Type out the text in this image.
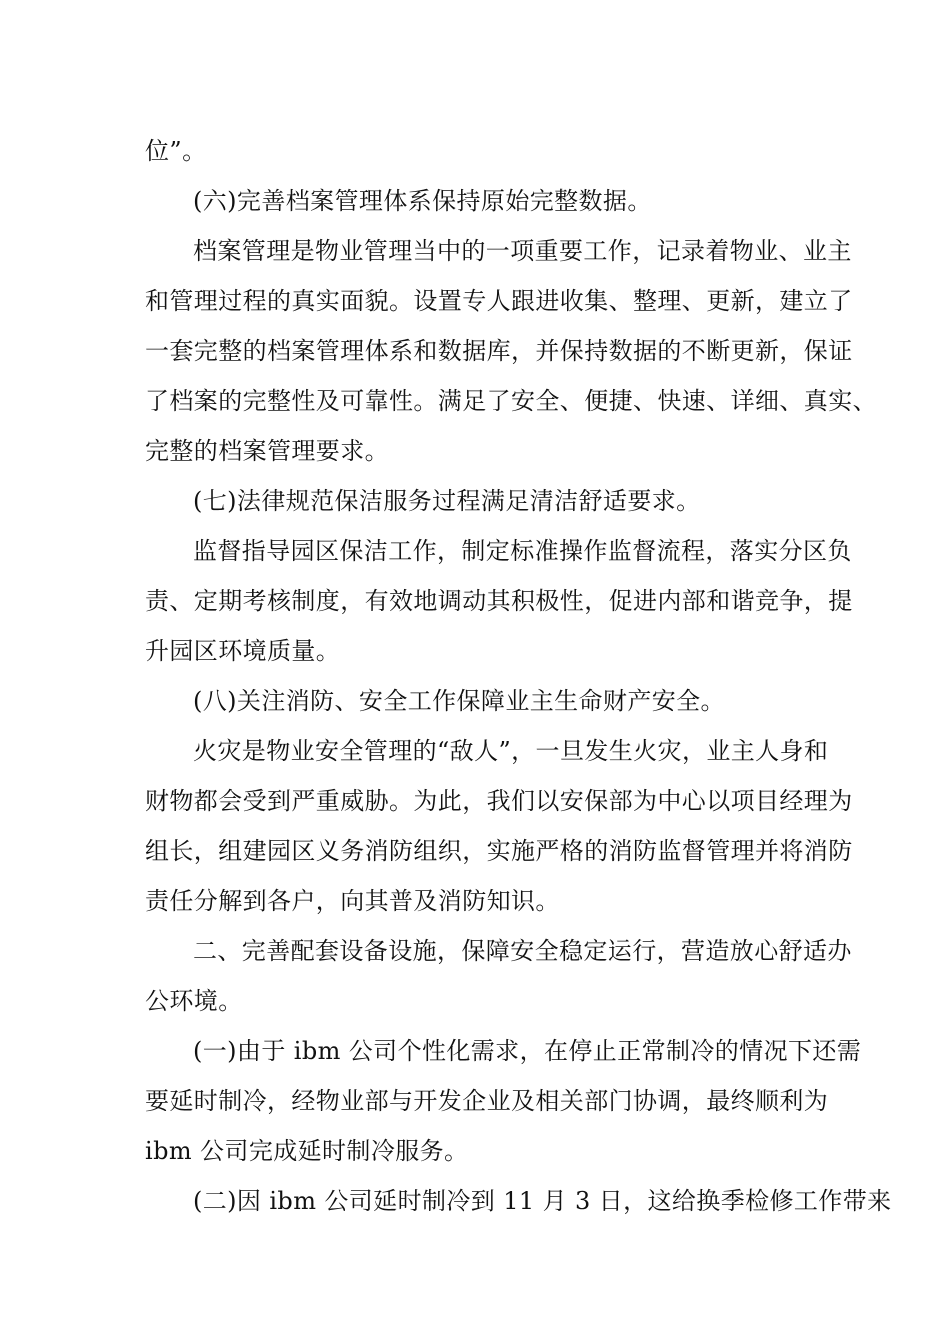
位”。
(六)完善档案管理体系保持原始完整数据。
档案管理是物业管理当中的一项重要工作，记录着物业、业主
和管理过程的真实面貌。设置专人跟进收集、整理、更新，建立了
一套完整的档案管理体系和数据库，并保持数据的不断更新，保证
了档案的完整性及可靠性。满足了安全、便捷、快速、详细、真实、
完整的档案管理要求。
(七)法律规范保洁服务过程满足清洁舒适要求。
监督指导园区保洁工作，制定标准操作监督流程，落实分区负
责、定期考核制度，有效地调动其积极性，促进内部和谐竞争，提
升园区环境质量。
(八)关注消防、安全工作保障业主生命财产安全。
火灾是物业安全管理的“敌人”，一旦发生火灾，业主人身和
财物都会受到严重威胁。为此，我们以安保部为中心以项目经理为
组长，组建园区义务消防组织，实施严格的消防监督管理并将消防
责任分解到各户，向其普及消防知识。
二、完善配套设备设施，保障安全稳定运行，营造放心舒适办
公环境。
(一)由于 ibm 公司个性化需求，在停止正常制冷的情况下还需
要延时制冷，经物业部与开发企业及相关部门协调，最终顺利为
ibm 公司完成延时制冷服务。
(二)因 ibm 公司延时制冷到 11 月 3 日，这给换季检修工作带来
